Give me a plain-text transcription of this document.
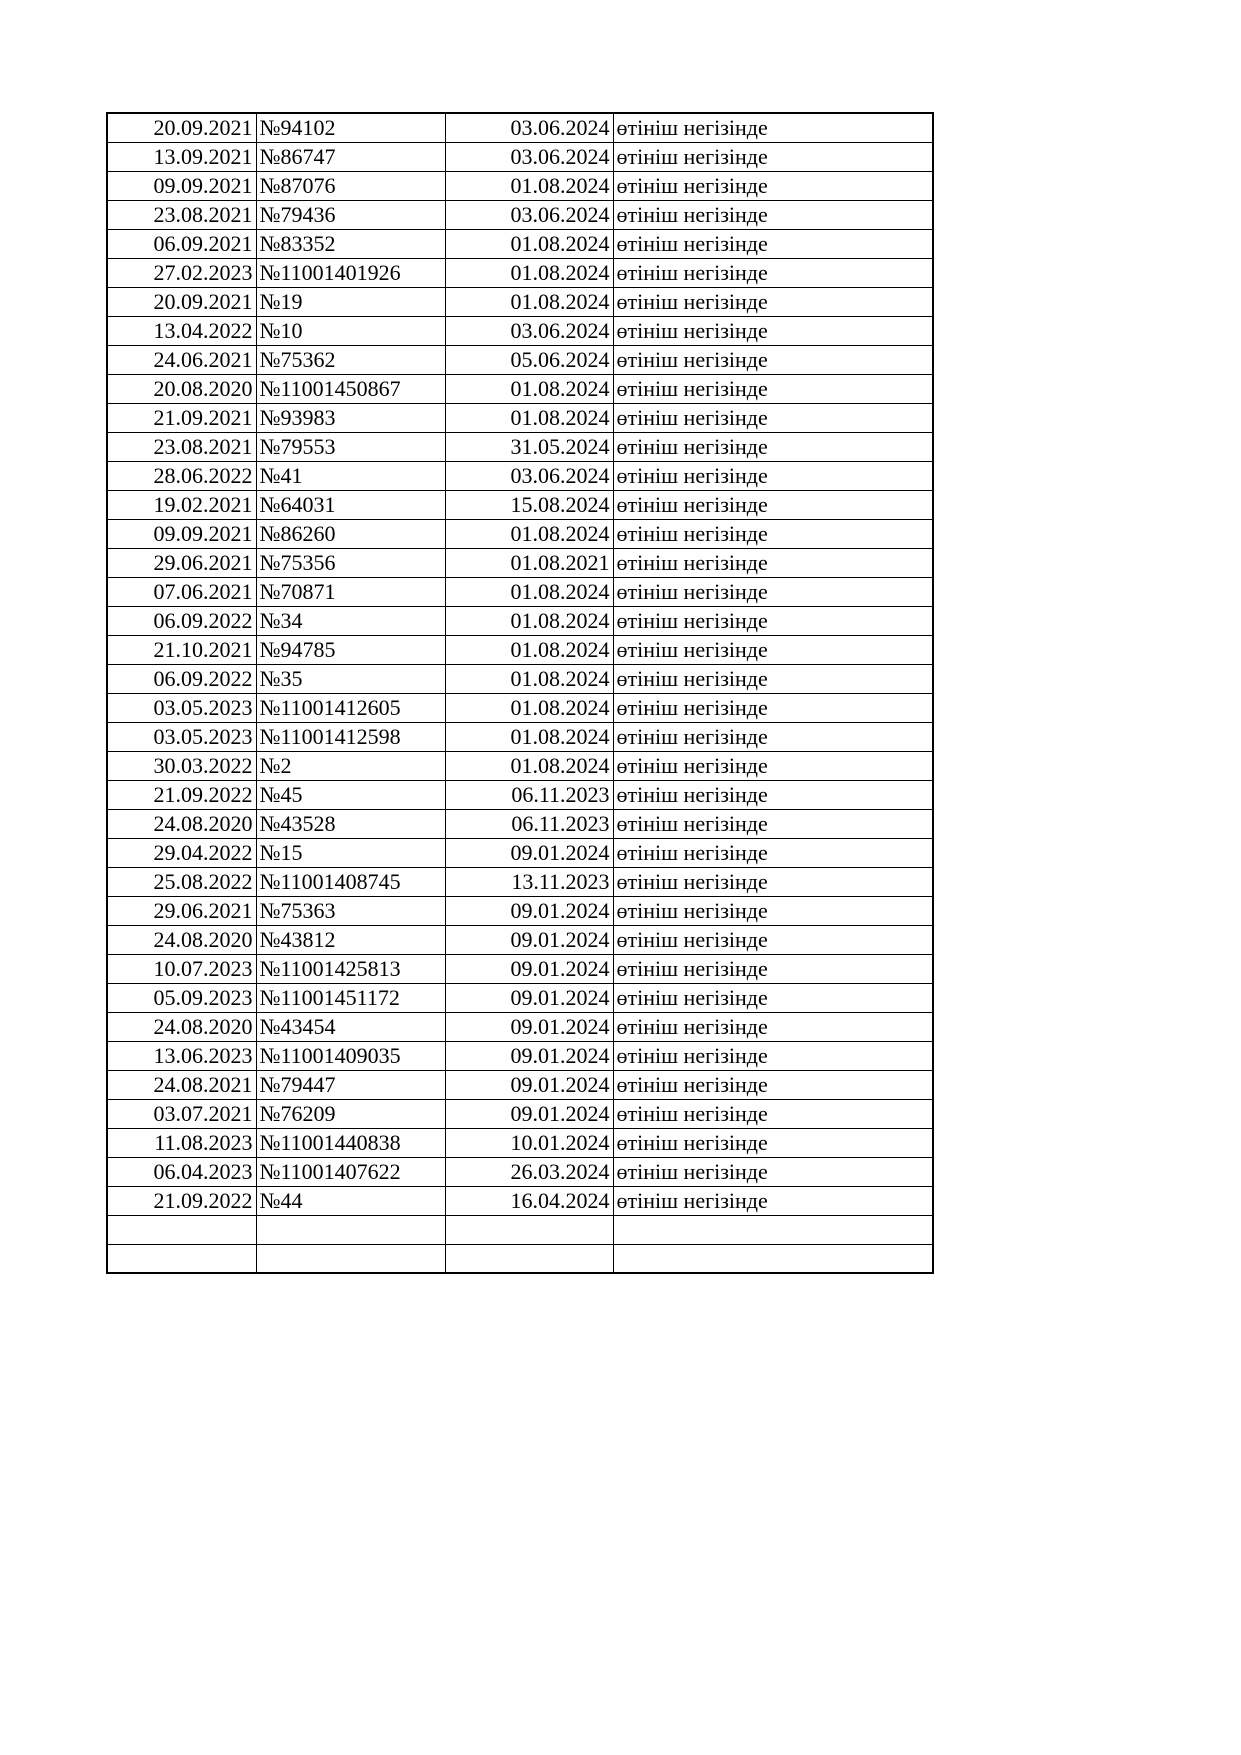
20.09.2021	№94102	03.06.2024	өтініш негізінде
13.09.2021	№86747	03.06.2024	өтініш негізінде
09.09.2021	№87076	01.08.2024	өтініш негізінде
23.08.2021	№79436	03.06.2024	өтініш негізінде
06.09.2021	№83352	01.08.2024	өтініш негізінде
27.02.2023	№11001401926	01.08.2024	өтініш негізінде
20.09.2021	№19	01.08.2024	өтініш негізінде
13.04.2022	№10	03.06.2024	өтініш негізінде
24.06.2021	№75362	05.06.2024	өтініш негізінде
20.08.2020	№11001450867	01.08.2024	өтініш негізінде
21.09.2021	№93983	01.08.2024	өтініш негізінде
23.08.2021	№79553	31.05.2024	өтініш негізінде
28.06.2022	№41	03.06.2024	өтініш негізінде
19.02.2021	№64031	15.08.2024	өтініш негізінде
09.09.2021	№86260	01.08.2024	өтініш негізінде
29.06.2021	№75356	01.08.2021	өтініш негізінде
07.06.2021	№70871	01.08.2024	өтініш негізінде
06.09.2022	№34	01.08.2024	өтініш негізінде
21.10.2021	№94785	01.08.2024	өтініш негізінде
06.09.2022	№35	01.08.2024	өтініш негізінде
03.05.2023	№11001412605	01.08.2024	өтініш негізінде
03.05.2023	№11001412598	01.08.2024	өтініш негізінде
30.03.2022	№2	01.08.2024	өтініш негізінде
21.09.2022	№45	06.11.2023	өтініш негізінде
24.08.2020	№43528	06.11.2023	өтініш негізінде
29.04.2022	№15	09.01.2024	өтініш негізінде
25.08.2022	№11001408745	13.11.2023	өтініш негізінде
29.06.2021	№75363	09.01.2024	өтініш негізінде
24.08.2020	№43812	09.01.2024	өтініш негізінде
10.07.2023	№11001425813	09.01.2024	өтініш негізінде
05.09.2023	№11001451172	09.01.2024	өтініш негізінде
24.08.2020	№43454	09.01.2024	өтініш негізінде
13.06.2023	№11001409035	09.01.2024	өтініш негізінде
24.08.2021	№79447	09.01.2024	өтініш негізінде
03.07.2021	№76209	09.01.2024	өтініш негізінде
11.08.2023	№11001440838	10.01.2024	өтініш негізінде
06.04.2023	№11001407622	26.03.2024	өтініш негізінде
21.09.2022	№44	16.04.2024	өтініш негізінде
